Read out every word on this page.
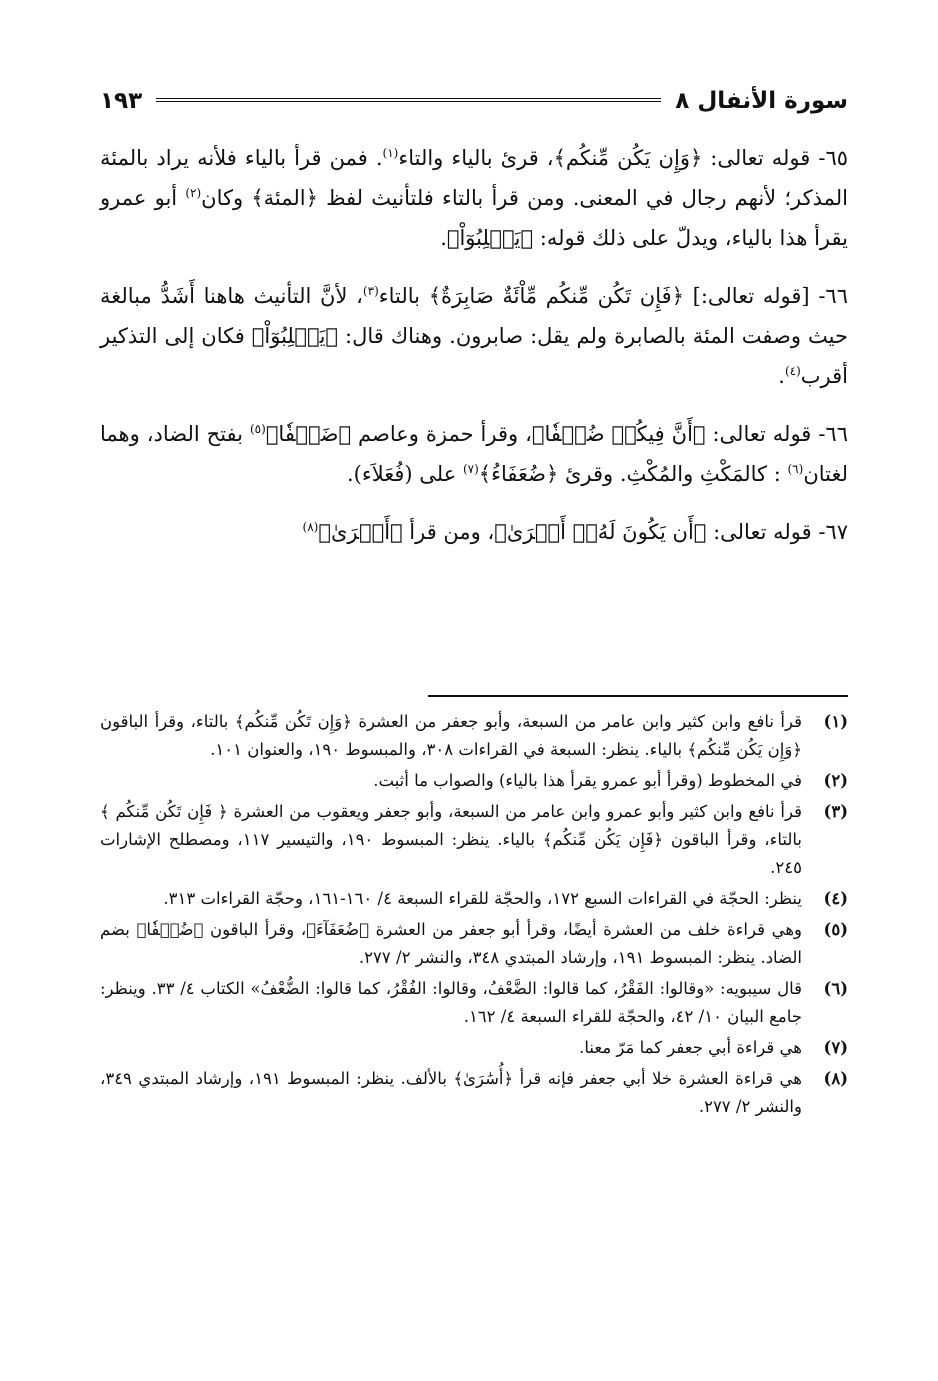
سورة الأنفال ٨
١٩٣

٦٥- قوله تعالى: ﴿وَإِن يَكُن مِّنكُم﴾، قرئ بالياء والتاء$^{(١)}$. فمن قرأ بالياء فلأنه يراد بالمئة المذكر؛ لأنهم رجال في المعنى. ومن قرأ بالتاء فلتأنيث لفظ ﴿المئة﴾ وكان$^{(٢)}$ أبو عمرو يقرأ هذا بالياء، ويدلّ على ذلك قوله: ﴿يَغۡلِبُوٓاْ﴾.

٦٦- [قوله تعالى:] ﴿فَإِن تَكُن مِّنكُم مِّاْئَةٌ صَابِرَةٌ﴾ بالتاء$^{(٣)}$، لأنَّ التأنيث هاهنا أَشَدُّ مبالغة حيث وصفت المئة بالصابرة ولم يقل: صابرون. وهناك قال: ﴿يَغۡلِبُوٓاْ﴾ فكان إلى التذكير أقرب$^{(٤)}$.

٦٦- قوله تعالى: ﴿أَنَّ فِيكُمۡ ضُعۡفٗا﴾، وقرأ حمزة وعاصم ﴿ضَعۡفٗا﴾$^{(٥)}$ بفتح الضاد، وهما لغتان$^{(٦)}$ : كالمَكْثِ والمُكْثِ. وقرئ ﴿ضُعَفَاءُ﴾$^{(٧)}$ على (فُعَلاَء).

٦٧- قوله تعالى: ﴿أَن يَكُونَ لَهُۥٓ أَسۡرَىٰ﴾، ومن قرأ ﴿أَسۡرَىٰ﴾$^{(٨)}$

(١)
قرأ نافع وابن كثير وابن عامر من السبعة، وأبو جعفر من العشرة ﴿وَإِن تَكُن مِّنكُم﴾ بالتاء، وقرأ الباقون ﴿وَإِن يَكُن مِّنكُم﴾ بالياء. ينظر: السبعة في القراءات ٣٠٨، والمبسوط ١٩٠، والعنوان ١٠١.
(٢)
في المخطوط (وقرأ أبو عمرو يقرأ هذا بالياء) والصواب ما أثبت.
(٣)
قرأ نافع وابن كثير وأبو عمرو وابن عامر من السبعة، وأبو جعفر ويعقوب من العشرة ﴿ فَإِن تَكُن مِّنكُم ﴾ بالتاء، وقرأ الباقون ﴿فَإِن يَكُن مِّنكُم﴾ بالياء. ينظر: المبسوط ١٩٠، والتيسير ١١٧، ومصطلح الإشارات ٢٤٥.
(٤)
ينظر: الحجّة في القراءات السبع ١٧٢، والحجّة للقراء السبعة ٤/ ١٦٠-١٦١، وحجّة القراءات ٣١٣.
(٥)
وهي قراءة خلف من العشرة أيضًا، وقرأ أبو جعفر من العشرة ﴿ضُعَفَآءَ﴾، وقرأ الباقون ﴿ضُعۡفٗا﴾ بضم الضاد. ينظر: المبسوط ١٩١، وإرشاد المبتدي ٣٤٨، والنشر ٢/ ٢٧٧.
(٦)
قال سيبويه: «وقالوا: الفَقْرُ، كما قالوا: الضَّعْفُ، وقالوا: الفُقْرُ، كما قالوا: الضُّعْفُ» الكتاب ٤/ ٣٣. وينظر: جامع البيان ١٠/ ٤٢، والحجّة للقراء السبعة ٤/ ١٦٢.
(٧)
هي قراءة أبي جعفر كما مَرّ معنا.
(٨)
هي قراءة العشرة خلا أبي جعفر فإنه قرأ ﴿أُسَٰرَىٰ﴾ بالألف. ينظر: المبسوط ١٩١، وإرشاد المبتدي ٣٤٩، والنشر ٢/ ٢٧٧.
